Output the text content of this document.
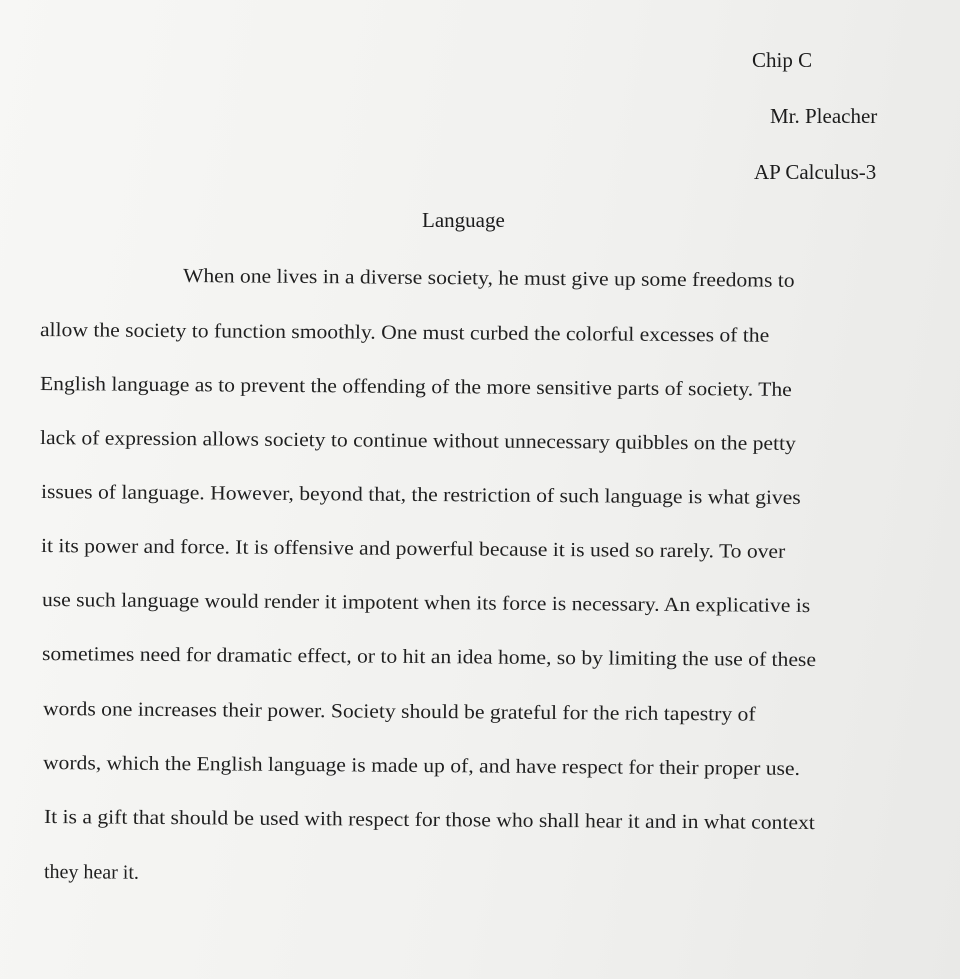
Chip C
Mr. Pleacher
AP Calculus-3
Language
When one lives in a diverse society, he must give up some freedoms to
allow the society to function smoothly. One must curbed the colorful excesses of the
English language as to prevent the offending of the more sensitive parts of society. The
lack of expression allows society to continue without unnecessary quibbles on the petty
issues of language. However, beyond that, the restriction of such language is what gives
it its power and force. It is offensive and powerful because it is used so rarely. To over
use such language would render it impotent when its force is necessary. An explicative is
sometimes need for dramatic effect, or to hit an idea home, so by limiting the use of these
words one increases their power. Society should be grateful for the rich tapestry of
words, which the English language is made up of, and have respect for their proper use.
It is a gift that should be used with respect for those who shall hear it and in what context
they hear it.
